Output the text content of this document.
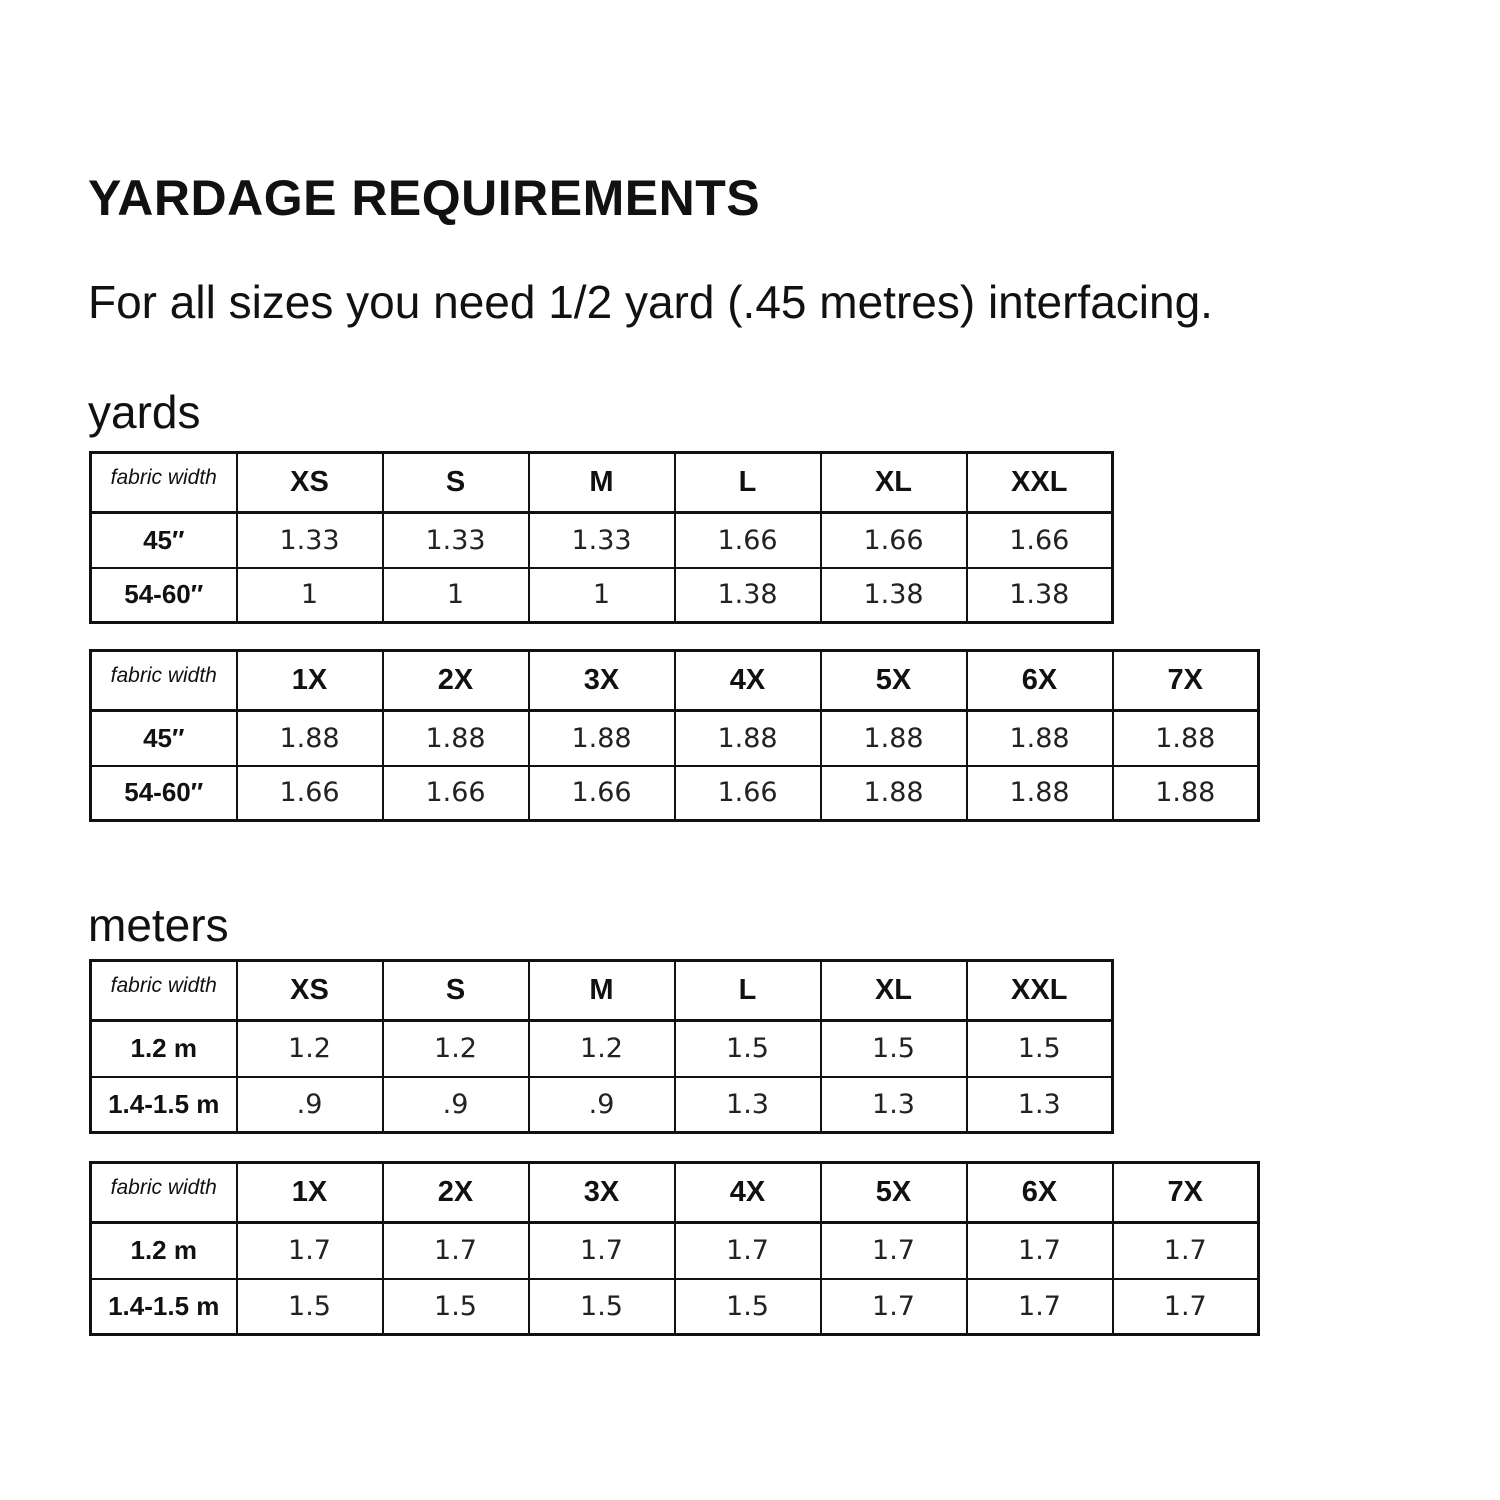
YARDAGE REQUIREMENTS

For all sizes you need 1/2 yard (.45 metres) interfacing.

yards
fabric width	XS	S	M	L	XL	XXL
45″	1.33	1.33	1.33	1.66	1.66	1.66
54-60″	1	1	1	1.38	1.38	1.38
fabric width	1X	2X	3X	4X	5X	6X	7X
45″	1.88	1.88	1.88	1.88	1.88	1.88	1.88
54-60″	1.66	1.66	1.66	1.66	1.88	1.88	1.88
meters
fabric width	XS	S	M	L	XL	XXL
1.2 m	1.2	1.2	1.2	1.5	1.5	1.5
1.4-1.5 m	.9	.9	.9	1.3	1.3	1.3
fabric width	1X	2X	3X	4X	5X	6X	7X
1.2 m	1.7	1.7	1.7	1.7	1.7	1.7	1.7
1.4-1.5 m	1.5	1.5	1.5	1.5	1.7	1.7	1.7
